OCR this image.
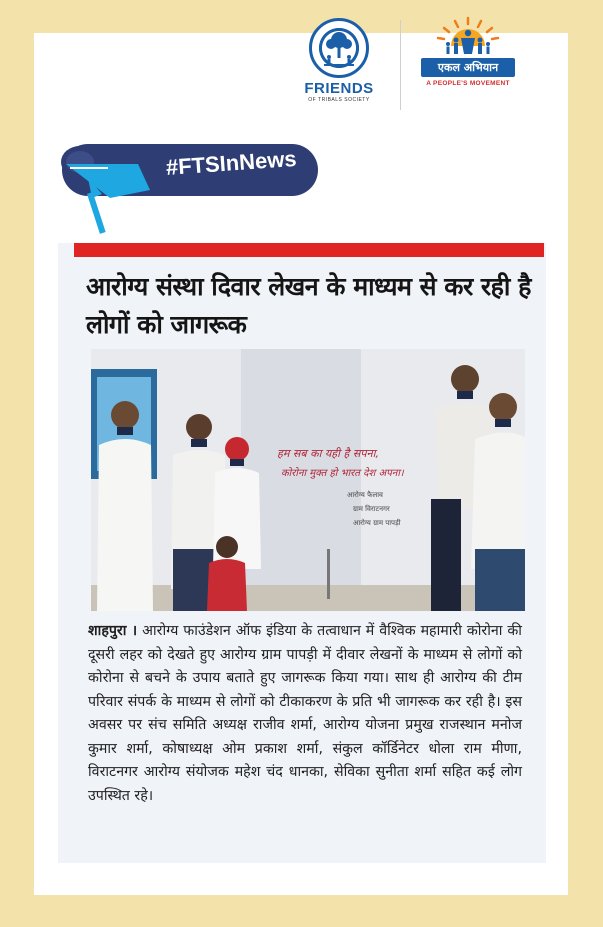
FRIENDS
OF TRIBALS SOCIETY
एकल अभियान
A PEOPLE'S MOVEMENT
#FTSInNews
आरोग्य संस्था दिवार लेखन के माध्यम से कर रही है लोगों को जागरूक
हम सब का यही है सपना,
कोरोना मुक्त हो भारत देश अपना।
आरोग्य फैलाव
ग्राम विराटनगर
आरोग्य ग्राम पापड़ी
शाहपुरा । आरोग्य फाउंडेशन ऑफ इंडिया के तत्वाधान में वैश्विक महामारी कोरोना की दूसरी लहर को देखते हुए आरोग्य ग्राम पापड़ी में दीवार लेखनों के माध्यम से लोगों को कोरोना से बचने के उपाय बताते हुए जागरूक किया गया। साथ ही आरोग्य की टीम परिवार संपर्क के माध्यम से लोगों को टीकाकरण के प्रति भी जागरूक कर रही है। इस अवसर पर संच समिति अध्यक्ष राजीव शर्मा, आरोग्य योजना प्रमुख राजस्थान मनोज कुमार शर्मा, कोषाध्यक्ष ओम प्रकाश शर्मा, संकुल कॉर्डिनेटर धोला राम मीणा, विराटनगर आरोग्य संयोजक महेश चंद धानका, सेविका सुनीता शर्मा सहित कई लोग उपस्थित रहे।
